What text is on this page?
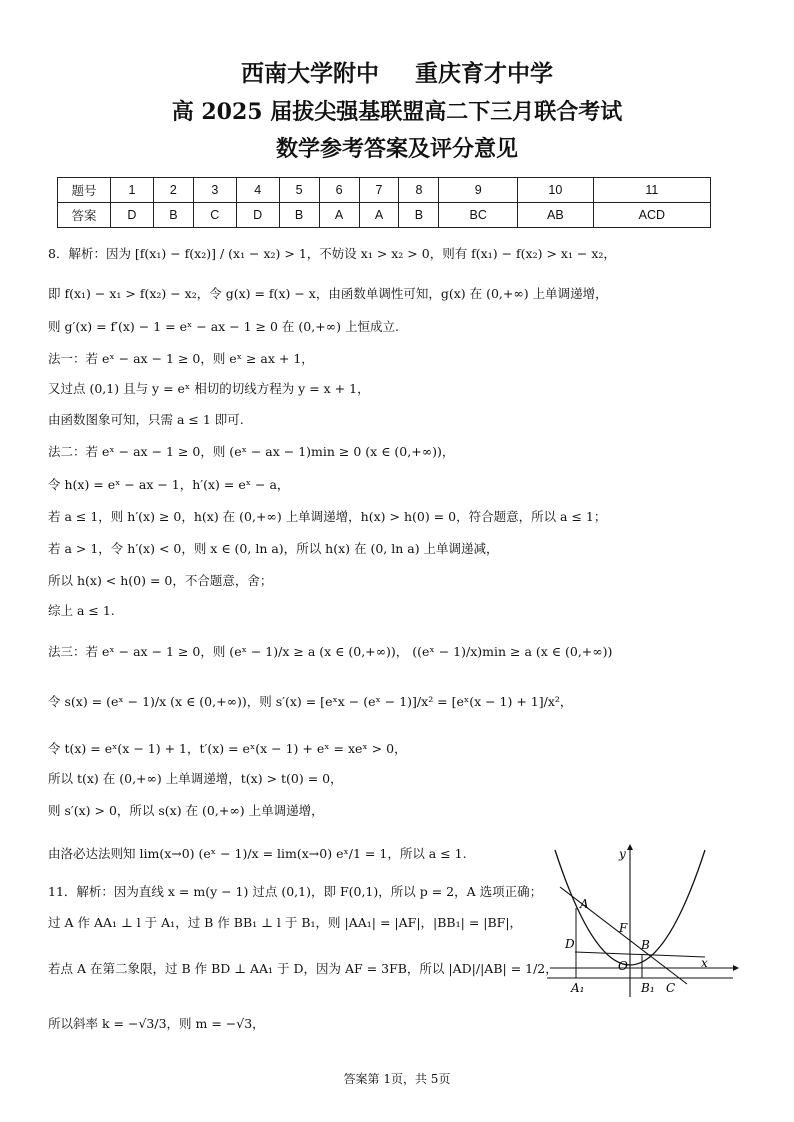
西南大学附中 重庆育才中学
高 2025 届拔尖强基联盟高二下三月联合考试
数学参考答案及评分意见
题号	1	2	3	4	5	6	7	8	9	10	11
答案	D	B	C	D	B	A	A	B	BC	AB	ACD
8．解析：因为 [f(x₁) − f(x₂)] / (x₁ − x₂) > 1，不妨设 x₁ > x₂ > 0，则有 f(x₁) − f(x₂) > x₁ − x₂，
即 f(x₁) − x₁ > f(x₂) − x₂，令 g(x) = f(x) − x，由函数单调性可知，g(x) 在 (0,+∞) 上单调递增，
则 g′(x) = f′(x) − 1 = eˣ − ax − 1 ≥ 0 在 (0,+∞) 上恒成立.
法一：若 eˣ − ax − 1 ≥ 0，则 eˣ ≥ ax + 1，
又过点 (0,1) 且与 y = eˣ 相切的切线方程为 y = x + 1，
由函数图象可知，只需 a ≤ 1 即可.
法二：若 eˣ − ax − 1 ≥ 0，则 (eˣ − ax − 1)min ≥ 0 (x ∈ (0,+∞))，
令 h(x) = eˣ − ax − 1，h′(x) = eˣ − a，
若 a ≤ 1，则 h′(x) ≥ 0，h(x) 在 (0,+∞) 上单调递增，h(x) > h(0) = 0，符合题意，所以 a ≤ 1；
若 a > 1，令 h′(x) < 0，则 x ∈ (0, ln a)，所以 h(x) 在 (0, ln a) 上单调递减，
所以 h(x) < h(0) = 0，不合题意，舍；
综上 a ≤ 1.
法三：若 eˣ − ax − 1 ≥ 0，则 (eˣ − 1)/x ≥ a (x ∈ (0,+∞))， ((eˣ − 1)/x)min ≥ a (x ∈ (0,+∞))
令 s(x) = (eˣ − 1)/x (x ∈ (0,+∞))，则 s′(x) = [eˣx − (eˣ − 1)]/x² = [eˣ(x − 1) + 1]/x²，
令 t(x) = eˣ(x − 1) + 1，t′(x) = eˣ(x − 1) + eˣ = xeˣ > 0，
所以 t(x) 在 (0,+∞) 上单调递增，t(x) > t(0) = 0，
则 s′(x) > 0，所以 s(x) 在 (0,+∞) 上单调递增，
由洛必达法则知 lim(x→0) (eˣ − 1)/x = lim(x→0) eˣ/1 = 1，所以 a ≤ 1.
11．解析：因为直线 x = m(y − 1) 过点 (0,1)，即 F(0,1)，所以 p = 2，A 选项正确；
过 A 作 AA₁ ⊥ l 于 A₁，过 B 作 BB₁ ⊥ l 于 B₁，则 |AA₁| = |AF|，|BB₁| = |BF|，
若点 A 在第二象限，过 B 作 BD ⊥ AA₁ 于 D，因为 AF = 3FB，所以 |AD|/|AB| = 1/2，
所以斜率 k = −√3/3，则 m = −√3，
y
x
A
D
F
B
O
A₁	B₁ C
答案第 1页，共 5页
